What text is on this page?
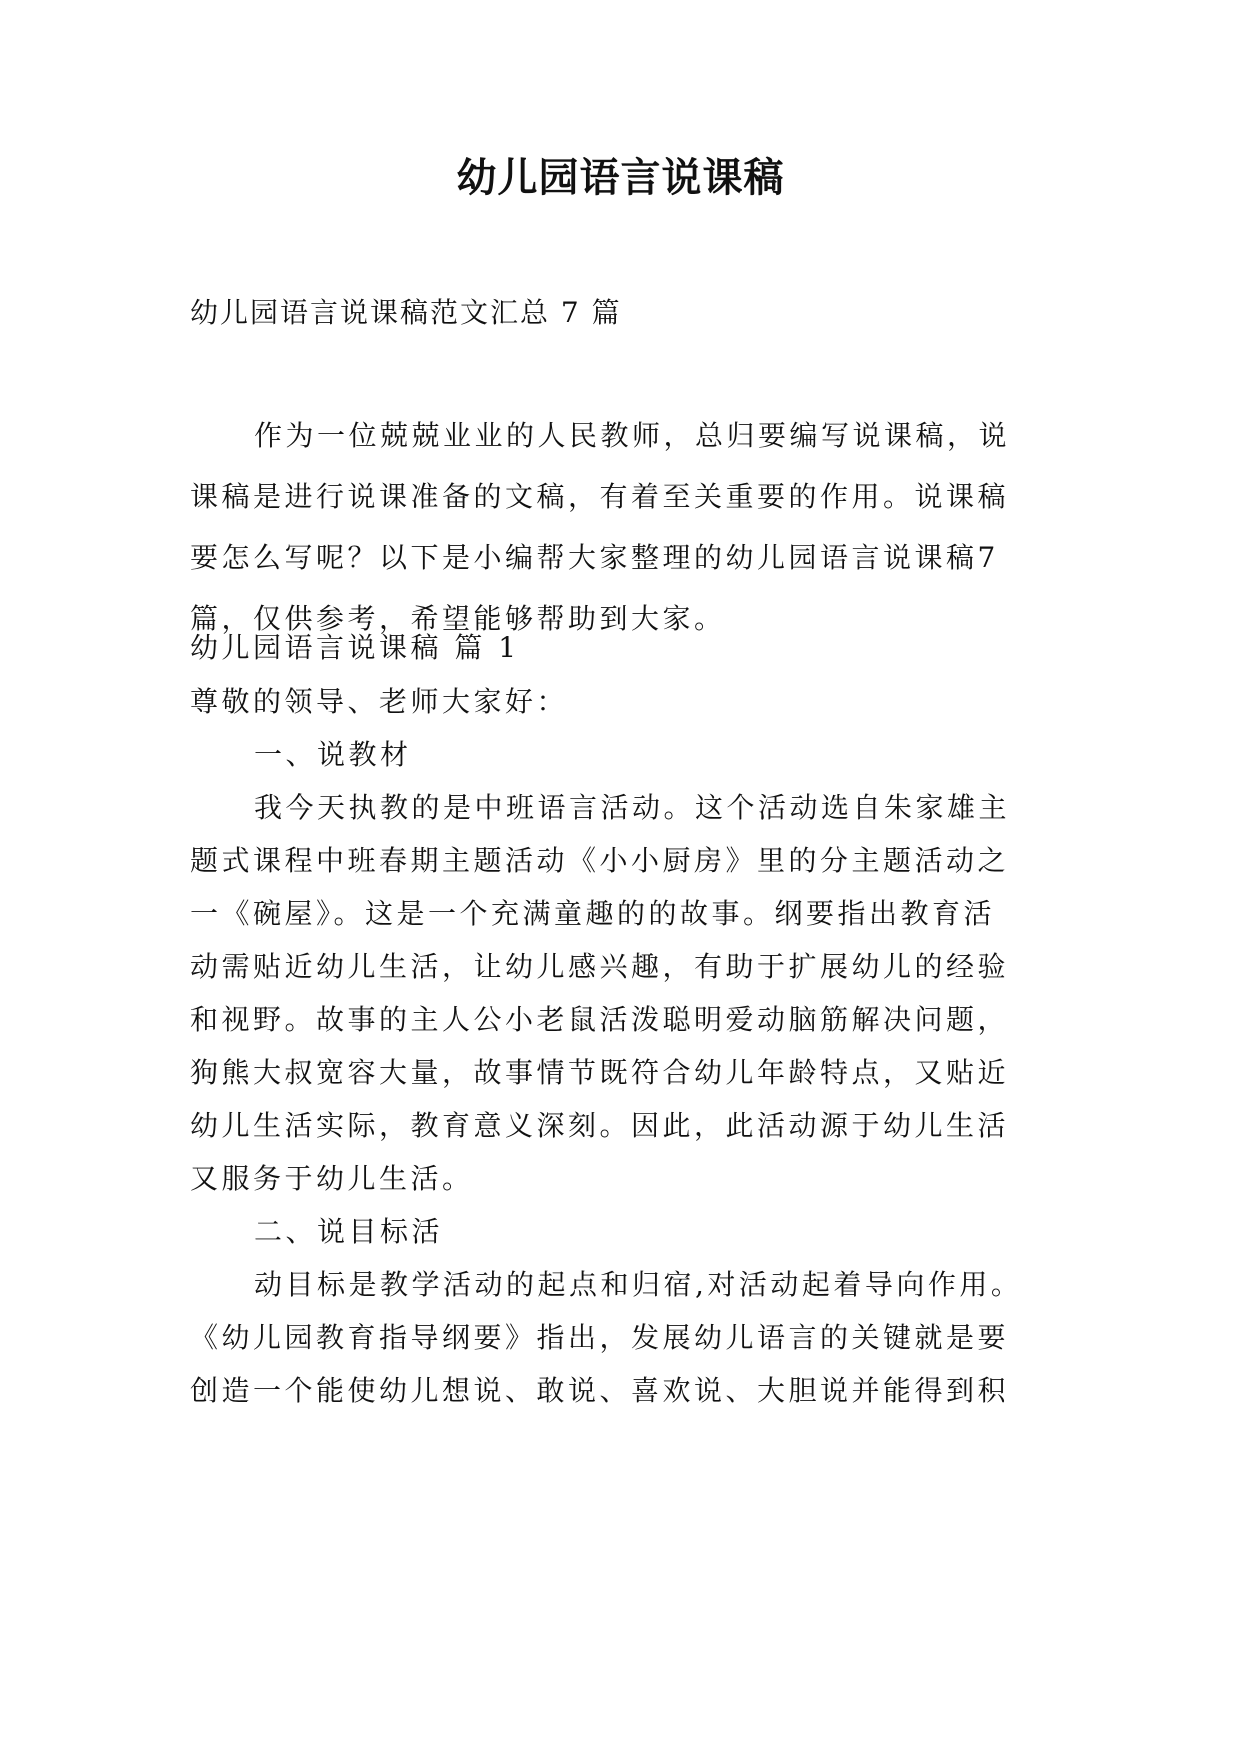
幼儿园语言说课稿
幼儿园语言说课稿范文汇总 7 篇
作为一位兢兢业业的人民教师，总归要编写说课稿，说
课稿是进行说课准备的文稿，有着至关重要的作用。说课稿
要怎么写呢？以下是小编帮大家整理的幼儿园语言说课稿7
篇，仅供参考，希望能够帮助到大家。
幼儿园语言说课稿 篇 1
尊敬的领导、老师大家好：
一、说教材
我今天执教的是中班语言活动。这个活动选自朱家雄主
题式课程中班春期主题活动《小小厨房》里的分主题活动之
一《碗屋》。这是一个充满童趣的的故事。纲要指出教育活
动需贴近幼儿生活，让幼儿感兴趣，有助于扩展幼儿的经验
和视野。故事的主人公小老鼠活泼聪明爱动脑筋解决问题，
狗熊大叔宽容大量，故事情节既符合幼儿年龄特点，又贴近
幼儿生活实际，教育意义深刻。因此，此活动源于幼儿生活
又服务于幼儿生活。
二、说目标活
动目标是教学活动的起点和归宿,对活动起着导向作用。
《幼儿园教育指导纲要》指出，发展幼儿语言的关键就是要
创造一个能使幼儿想说、敢说、喜欢说、大胆说并能得到积
